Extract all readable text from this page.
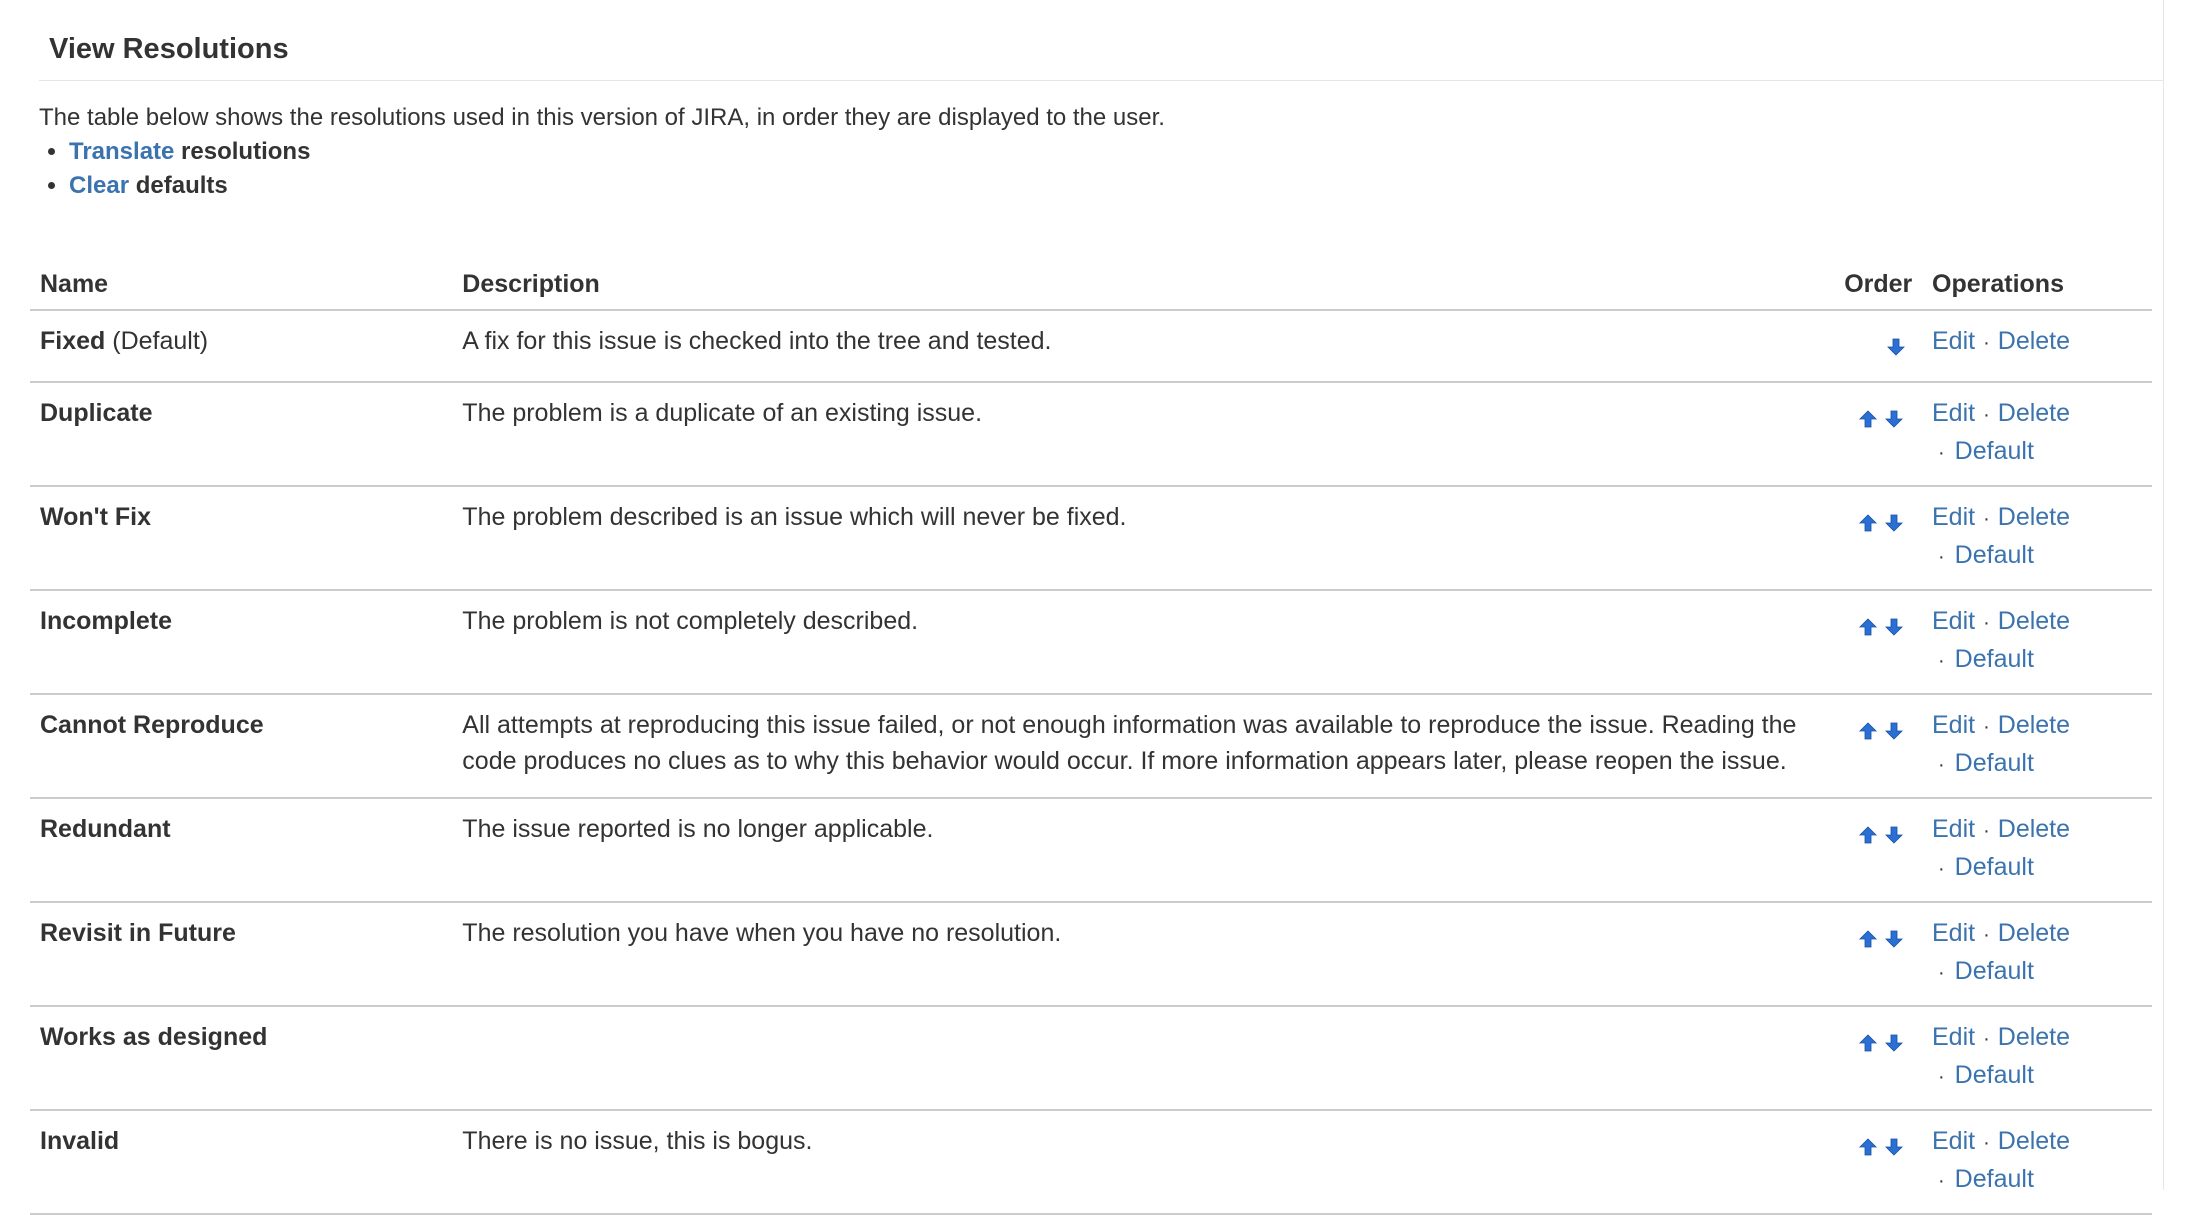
View Resolutions
The table below shows the resolutions used in this version of JIRA, in order they are displayed to the user.
• Translate resolutions
• Clear defaults
Name	Description	Order	Operations
Fixed (Default)	A fix for this issue is checked into the tree and tested.		Edit · Delete
Duplicate	The problem is a duplicate of an existing issue.		Edit · Delete
· Default
Won't Fix	The problem described is an issue which will never be fixed.		Edit · Delete
· Default
Incomplete	The problem is not completely described.		Edit · Delete
· Default
Cannot Reproduce	All attempts at reproducing this issue failed, or not enough information was available to reproduce the issue. Reading the code produces no clues as to why this behavior would occur. If more information appears later, please reopen the issue.		Edit · Delete
· Default
Redundant	The issue reported is no longer applicable.		Edit · Delete
· Default
Revisit in Future	The resolution you have when you have no resolution.		Edit · Delete
· Default
Works as designed			Edit · Delete
· Default
Invalid	There is no issue, this is bogus.		Edit · Delete
· Default
